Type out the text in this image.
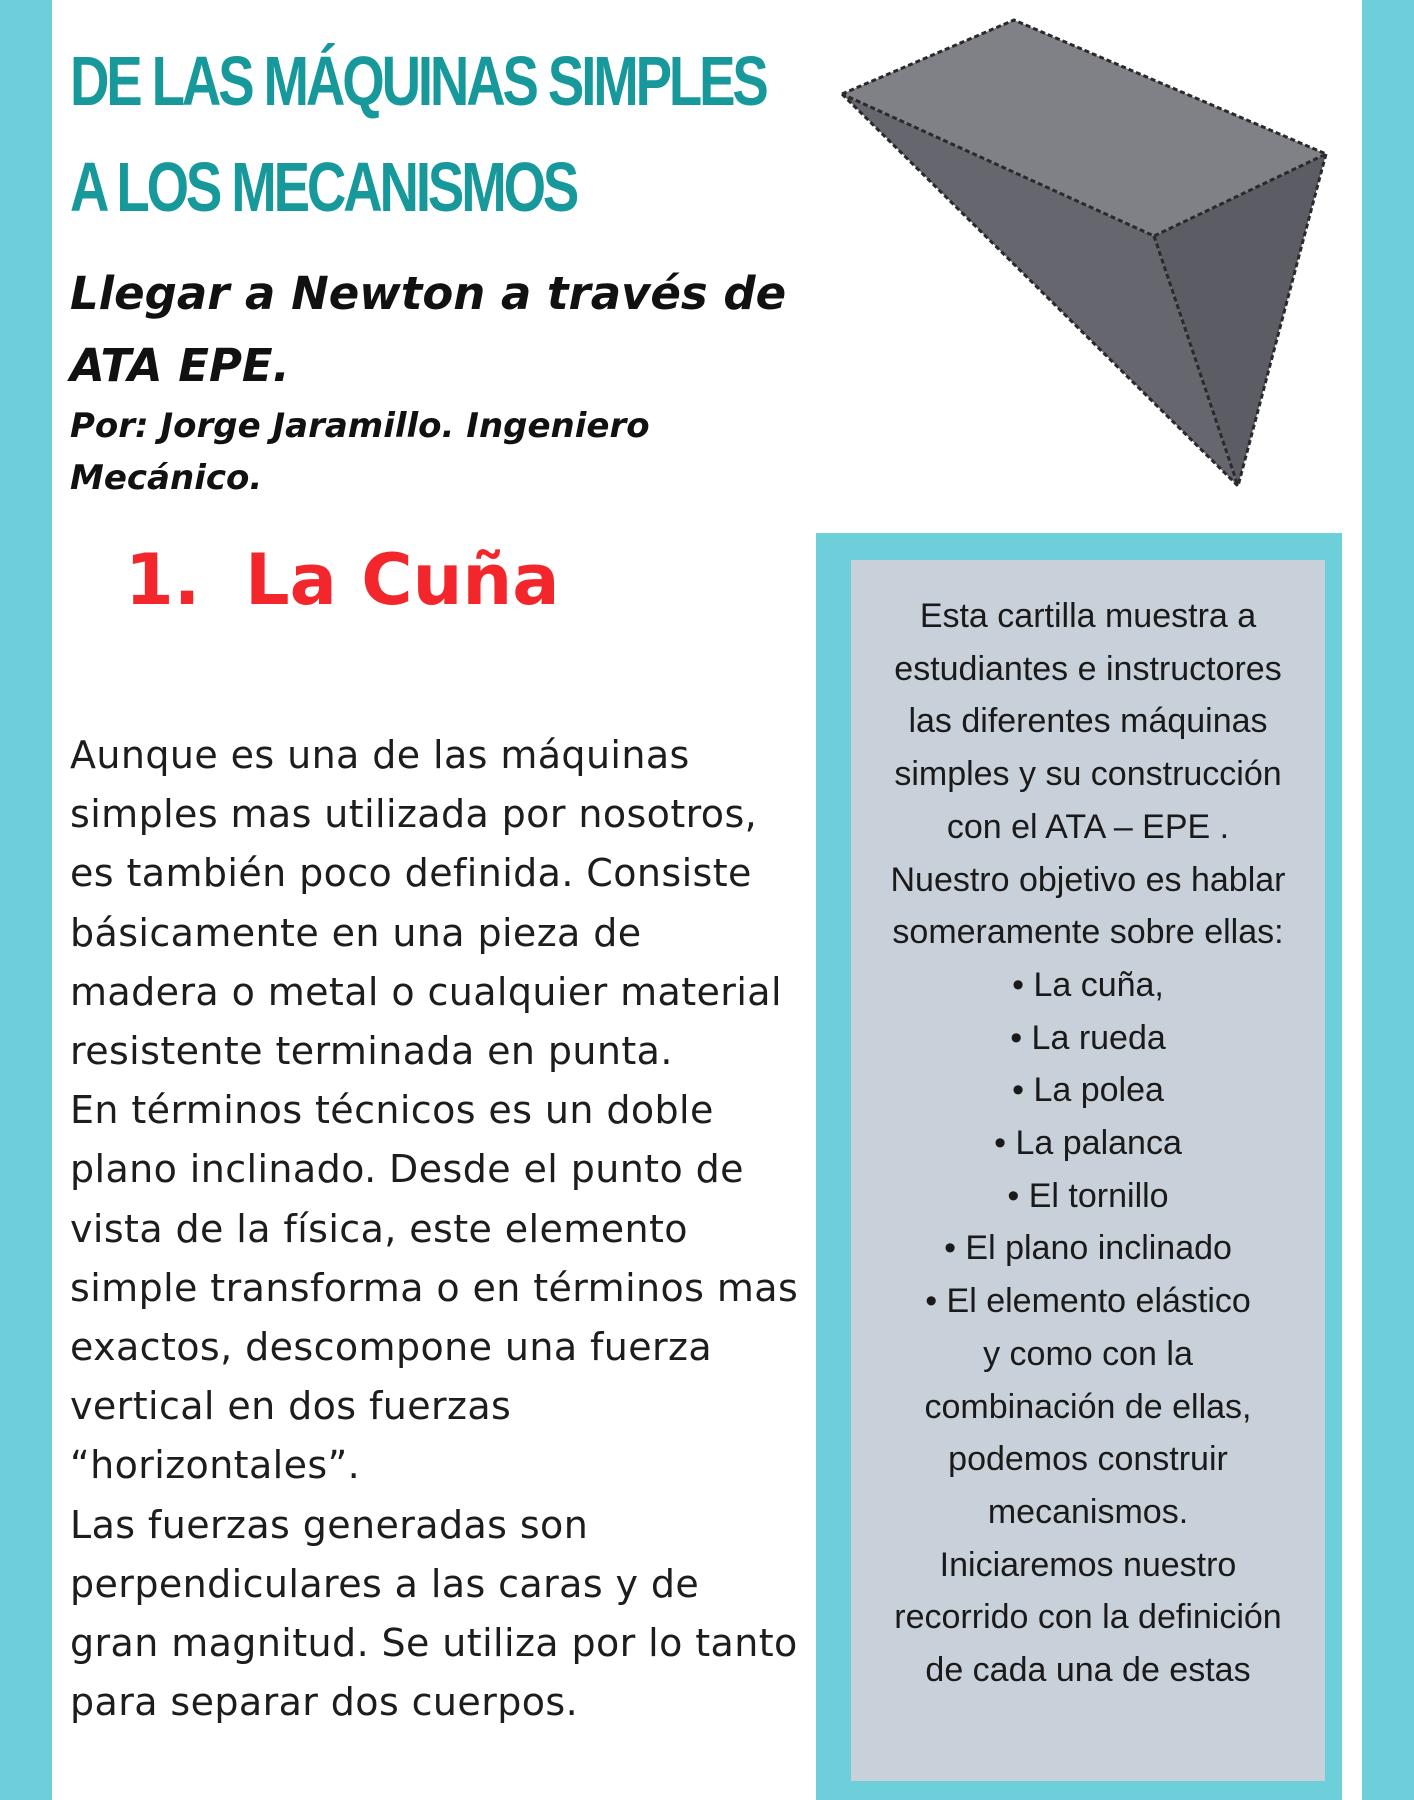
DE LAS MÁQUINAS SIMPLES
A LOS MECANISMOS
Llegar a Newton a través de ATA EPE.
Por: Jorge Jaramillo. Ingeniero Mecánico.
1. La Cuña

Aunque es una de las máquinas simples mas utilizada por nosotros, es también poco definida. Consiste básicamente en una pieza de madera o metal o cualquier material resistente terminada en punta.

En términos técnicos es un doble plano inclinado. Desde el punto de vista de la física, este elemento simple transforma o en términos mas exactos, descompone una fuerza vertical en dos fuerzas “horizontales”.

Las fuerzas generadas son perpendiculares a las caras y de gran magnitud. Se utiliza por lo tanto para separar dos cuerpos.

Esta cartilla muestra a
estudiantes e instructores
las diferentes máquinas
simples y su construcción
con el ATA – EPE .
Nuestro objetivo es hablar
someramente sobre ellas:
• La cuña,
• La rueda
• La polea
• La palanca
• El tornillo
• El plano inclinado
• El elemento elástico
y como con la
combinación de ellas,
podemos construir
mecanismos.
Iniciaremos nuestro
recorrido con la definición
de cada una de estas
